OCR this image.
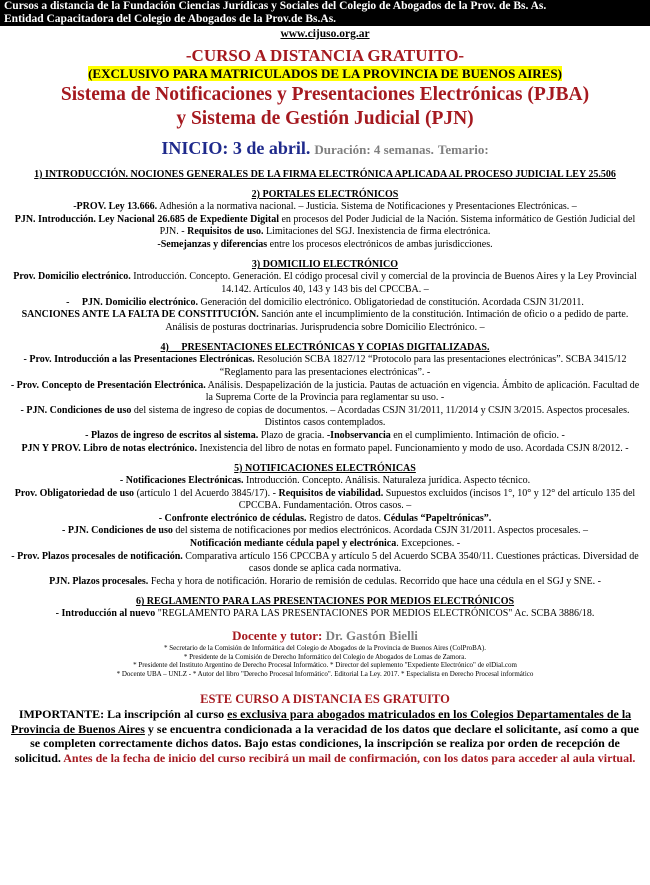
Cursos a distancia de la Fundación Ciencias Jurídicas y Sociales del Colegio de Abogados de la Prov. de Bs. As.
Entidad Capacitadora del Colegio de Abogados de la Prov.de Bs.As.
www.cijuso.org.ar
-CURSO A DISTANCIA GRATUITO-
(EXCLUSIVO PARA MATRICULADOS DE LA PROVINCIA DE BUENOS AIRES)
Sistema de Notificaciones y Presentaciones Electrónicas (PJBA)
y Sistema de Gestión Judicial (PJN)
INICIO: 3 de abril. Duración: 4 semanas. Temario:
1) INTRODUCCIÓN. NOCIONES GENERALES DE LA FIRMA ELECTRÓNICA APLICADA AL PROCESO JUDICIAL LEY 25.506
2) PORTALES ELECTRÓNICOS
-PROV. Ley 13.666. Adhesión a la normativa nacional. – Justicia. Sistema de Notificaciones y Presentaciones Electrónicas. –
PJN. Introducción. Ley Nacional 26.685 de Expediente Digital en procesos del Poder Judicial de la Nación. Sistema informático de Gestión Judicial del PJN. - Requisitos de uso. Limitaciones del SGJ. Inexistencia de firma electrónica.
-Semejanzas y diferencias entre los procesos electrónicos de ambas jurisdicciones.
3) DOMICILIO ELECTRÓNICO
Prov. Domicilio electrónico. Introducción. Concepto. Generación. El código procesal civil y comercial de la provincia de Buenos Aires y la Ley Provincial 14.142. Artículos 40, 143 y 143 bis del CPCCBA. –
-     PJN. Domicilio electrónico. Generación del domicilio electrónico. Obligatoriedad de constitución. Acordada CSJN 31/2011.
SANCIONES ANTE LA FALTA DE CONSTITUCIÓN. Sanción ante el incumplimiento de la constitución. Intimación de oficio o a pedido de parte. Análisis de posturas doctrinarias. Jurisprudencia sobre Domicilio Electrónico. –
4)     PRESENTACIONES ELECTRÓNICAS Y COPIAS DIGITALIZADAS.
- Prov. Introducción a las Presentaciones Electrónicas. Resolución SCBA 1827/12 “Protocolo para las presentaciones electrónicas”. SCBA 3415/12 “Reglamento para las presentaciones electrónicas”. -
- Prov. Concepto de Presentación Electrónica. Análisis. Despapelización de la justicia. Pautas de actuación en vigencia. Ámbito de aplicación. Facultad de la Suprema Corte de la Provincia para reglamentar su uso. -
- PJN. Condiciones de uso del sistema de ingreso de copias de documentos. – Acordadas CSJN 31/2011, 11/2014 y CSJN 3/2015. Aspectos procesales. Distintos casos contemplados.
- Plazos de ingreso de escritos al sistema. Plazo de gracia. -Inobservancia en el cumplimiento. Intimación de oficio. -
PJN Y PROV. Libro de notas electrónico. Inexistencia del libro de notas en formato papel. Funcionamiento y modo de uso. Acordada CSJN 8/2012. -
5) NOTIFICACIONES ELECTRÓNICAS
- Notificaciones Electrónicas. Introducción. Concepto. Análisis. Naturaleza jurídica. Aspecto técnico.
Prov. Obligatoriedad de uso (artículo 1 del Acuerdo 3845/17). - Requisitos de viabilidad. Supuestos excluidos (incisos 1°, 10° y 12° del artículo 135 del CPCCBA. Fundamentación. Otros casos. –
- Confronte electrónico de cédulas. Registro de datos. Cédulas “Papeltrónicas”.
- PJN. Condiciones de uso del sistema de notificaciones por medios electrónicos. Acordada CSJN 31/2011. Aspectos procesales. –
Notificación mediante cédula papel y electrónica. Excepciones. -
- Prov. Plazos procesales de notificación. Comparativa artículo 156 CPCCBA y artículo 5 del Acuerdo SCBA 3540/11. Cuestiones prácticas. Diversidad de casos donde se aplica cada normativa.
PJN. Plazos procesales. Fecha y hora de notificación. Horario de remisión de cedulas. Recorrido que hace una cédula en el SGJ y SNE. -
6) REGLAMENTO PARA LAS PRESENTACIONES POR MEDIOS ELECTRÓNICOS
- Introducción al nuevo "REGLAMENTO PARA LAS PRESENTACIONES POR MEDIOS ELECTRÓNICOS" Ac. SCBA 3886/18.
Docente y tutor: Dr. Gastón Bielli
* Secretario de la Comisión de Informática del Colegio de Abogados de la Provincia de Buenos Aires (ColProBA).
* Presidente de la Comisión de Derecho Informático del Colegio de Abogados de Lomas de Zamora.
* Presidente del Instituto Argentino de Derecho Procesal Informático. * Director del suplemento "Expediente Electrónico" de elDial.com
* Docente UBA – UNLZ - * Autor del libro "Derecho Procesal Informático". Editorial La Ley. 2017. * Especialista en Derecho Procesal informático
ESTE CURSO A DISTANCIA ES GRATUITO
IMPORTANTE: La inscripción al curso es exclusiva para abogados matriculados en los Colegios Departamentales de la Provincia de Buenos Aires y se encuentra condicionada a la veracidad de los datos que declare el solicitante, así como a que se completen correctamente dichos datos. Bajo estas condiciones, la inscripción se realiza por orden de recepción de solicitud. Antes de la fecha de inicio del curso recibirá un mail de confirmación, con los datos para acceder al aula virtual.
